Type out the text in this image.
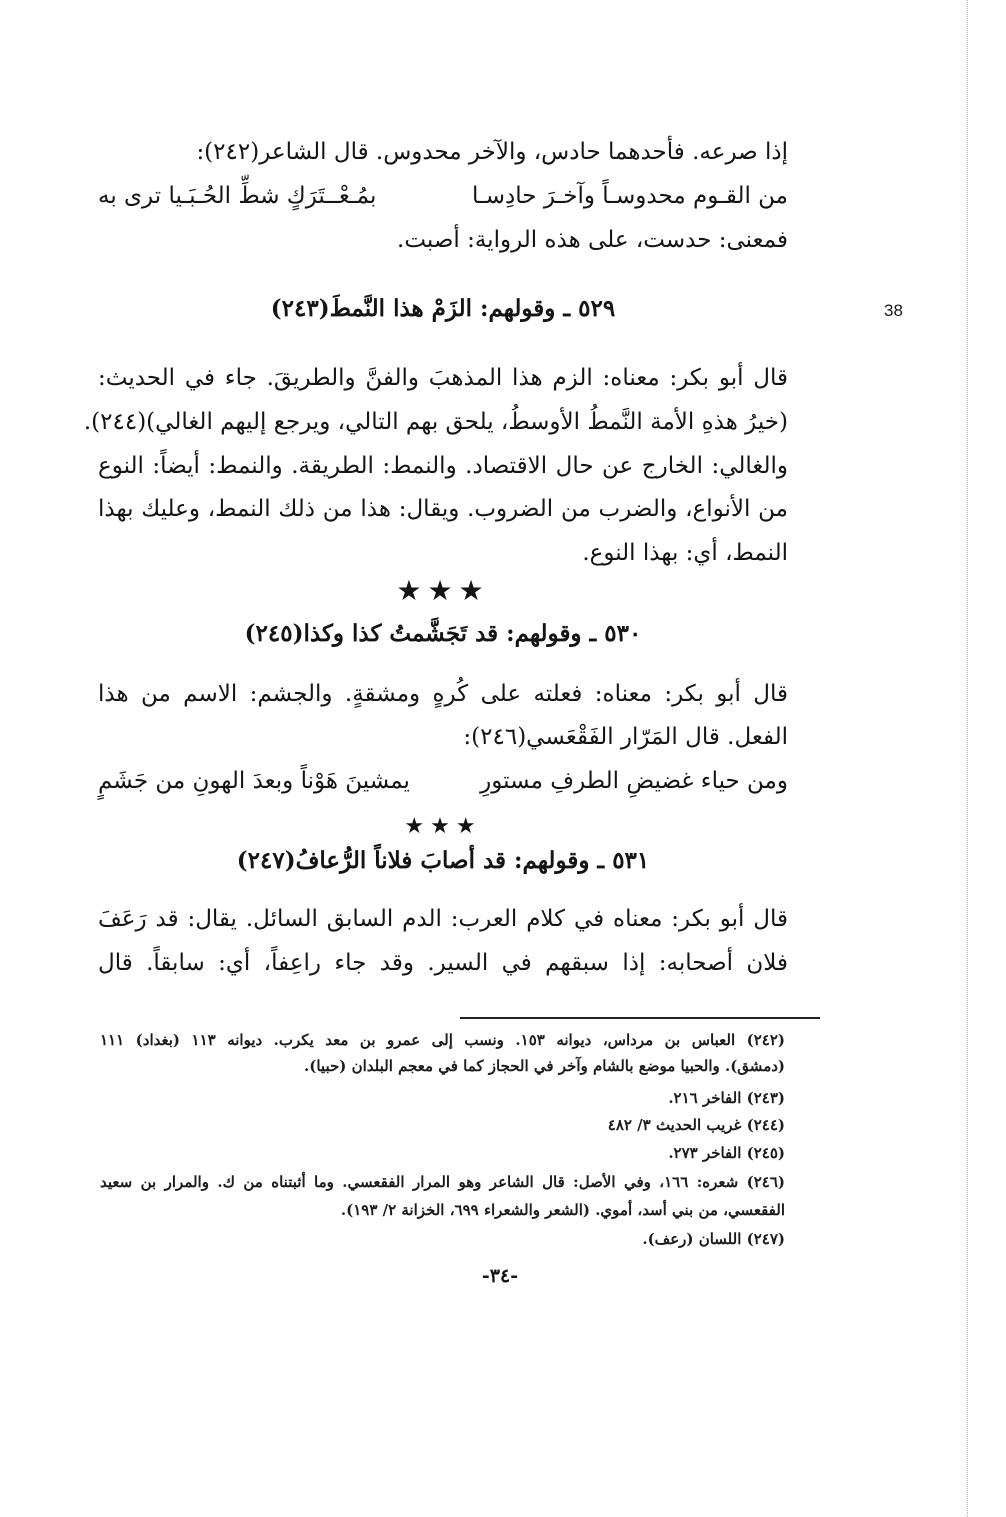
38
إذا صرعه. فأحدهما حادس، والآخر محدوس. قال الشاعر(٢٤٢):
بمُـعْــتَرَكٍ شطِّ الحُـبَـيا ترى به	من القـوم محدوسـاً وآخـرَ حادِسـا
فمعنى: حدست، على هذه الرواية: أصبت.
٥٢٩ ـ وقولهم: الزَمْ هذا النَّمطَ(٢٤٣)
قال أبو بكر: معناه: الزم هذا المذهبَ والفنَّ والطريقَ. جاء في الحديث:
(خيرُ هذهِ الأمة النَّمطُ الأوسطُ، يلحق بهم التالي، ويرجع إليهم الغالي)(٢٤٤).
والغالي: الخارج عن حال الاقتصاد. والنمط: الطريقة. والنمط: أيضاً: النوع
من الأنواع، والضرب من الضروب. ويقال: هذا من ذلك النمط، وعليك بهذا
النمط، أي: بهذا النوع.
★★★
٥٣٠ ـ وقولهم: قد تَجَشَّمتُ كذا وكذا(٢٤٥)
قال أبو بكر: معناه: فعلته على كُرهٍ ومشقةٍ. والجشم: الاسم من هذا
الفعل. قال المَرّار الفَقْعَسي(٢٤٦):
يمشينَ هَوْناً وبعدَ الهونِ من جَشَمٍ	ومن حياء غضيضِ الطرفِ مستورِ
★★★
٥٣١ ـ وقولهم: قد أصابَ فلاناً الرُّعافُ(٢٤٧)
قال أبو بكر: معناه في كلام العرب: الدم السابق السائل. يقال: قد رَعَفَ
فلان أصحابه: إذا سبقهم في السير. وقد جاء راعِفاً، أي: سابقاً. قال
(٢٤٢) العباس بن مرداس، ديوانه ١٥٣. ونسب إلى عمرو بن معد يكرب. ديوانه ١١٣ (بغداد) ١١١
(دمشق). والحبيا موضع بالشام وآخر في الحجاز كما في معجم البلدان (حبيا).
(٢٤٣) الفاخر ٢١٦.
(٢٤٤) غريب الحديث ٣/ ٤٨٢
(٢٤٥) الفاخر ٢٧٣.
(٢٤٦) شعره: ١٦٦، وفي الأصل: قال الشاعر وهو المرار الفقعسي. وما أثبتناه من ك. والمرار بن سعيد
الفقعسي، من بني أسد، أموي. (الشعر والشعراء ٦٩٩، الخزانة ٢/ ١٩٣).
(٢٤٧) اللسان (رعف).
-٣٤-
